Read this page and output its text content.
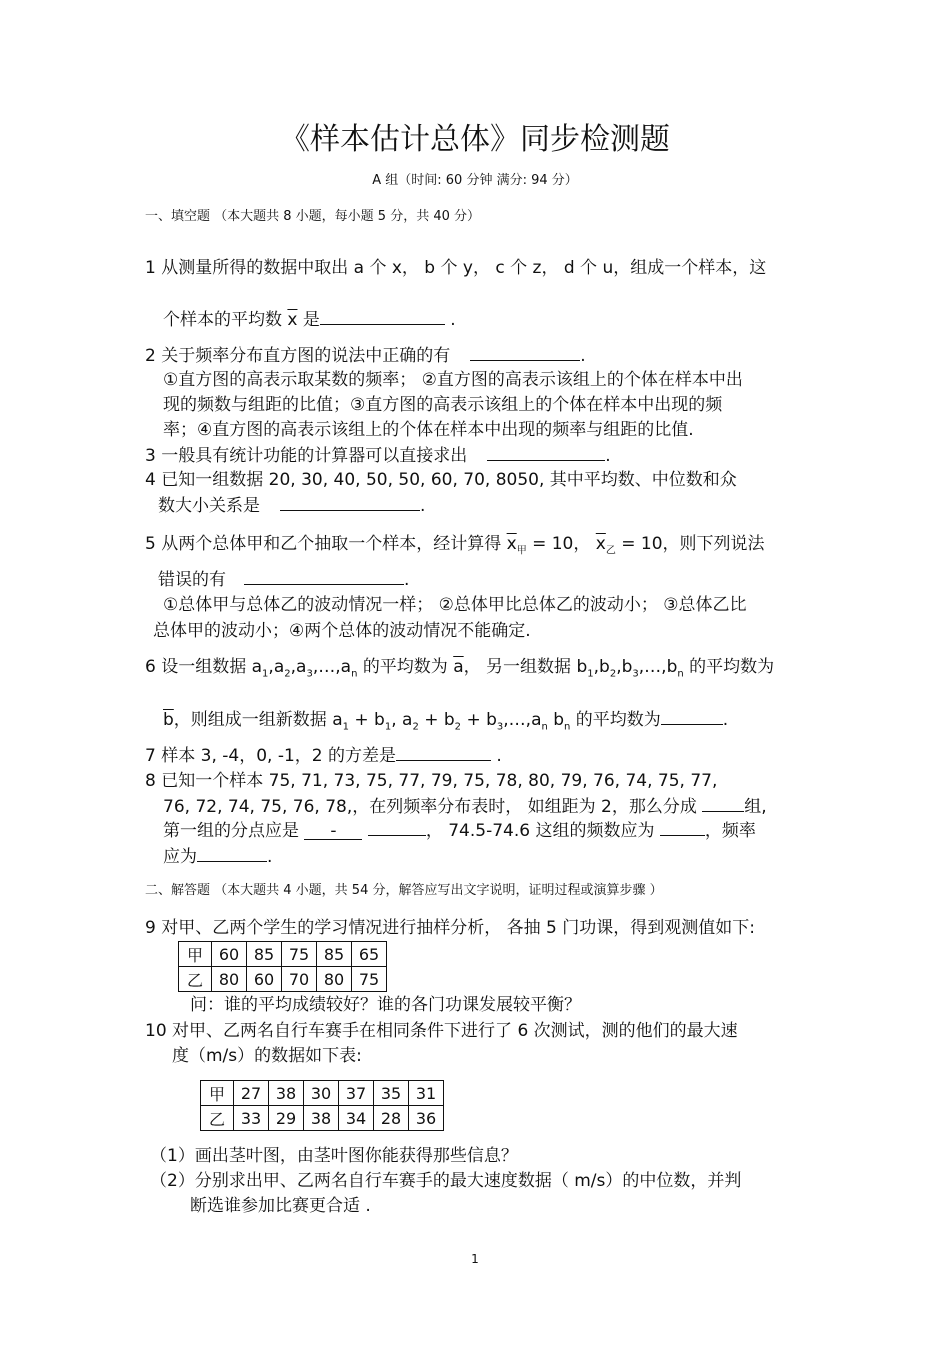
《样本估计总体》同步检测题
A 组（时间: 60 分钟 满分: 94 分）
一、填空题 （本大题共 8 小题，每小题 5 分，共 40 分）
1 从测量所得的数据中取出 a 个 x， b 个 y， c 个 z， d 个 u，组成一个样本，这
个样本的平均数 $\overline{x}$ 是	.
2 关于频率分布直方图的说法中正确的有	.
①直方图的高表示取某数的频率； ②直方图的高表示该组上的个体在样本中出
现的频数与组距的比值；③直方图的高表示该组上的个体在样本中出现的频
率；④直方图的高表示该组上的个体在样本中出现的频率与组距的比值.
3 一般具有统计功能的计算器可以直接求出	.
4 已知一组数据 20, 30, 40, 50, 50, 60, 70, 8050, 其中平均数、中位数和众
数大小关系是	.
5 从两个总体甲和乙个抽取一个样本，经计算得 $\overline{x}_甲 = 10$， $\overline{x}_乙 = 10$，则下列说法
错误的有	.
①总体甲与总体乙的波动情况一样； ②总体甲比总体乙的波动小； ③总体乙比
总体甲的波动小；④两个总体的波动情况不能确定.
6 设一组数据 $a_1,a_2,a_3,\dots,a_n$ 的平均数为 $\overline{a}$， 另一组数据 $b_1,b_2,b_3,\dots,b_n$ 的平均数为
$\overline{b}$，则组成一组新数据 $a_1 + b_1$, $a_2 + b_2$ + $b_3,\dots,a_n$ $b_n$ 的平均数为	.
7 样本 3, -4，0, -1，2 的方差是	.
8 已知一个样本 75, 71, 73, 75, 77, 79, 75, 78, 80, 79, 76, 74, 75, 77,
76, 72, 74, 75, 76, 78,，在列频率分布表时， 如组距为 2，那么分成	组,
第一组的分点应是 -	， 74.5-74.6 这组的频数应为	，频率
应为	.
二、解答题 （本大题共 4 小题，共 54 分，解答应写出文字说明，证明过程或演算步骤 ）
9 对甲、乙两个学生的学习情况进行抽样分析， 各抽 5 门功课，得到观测值如下:
甲	60	85	75	85	65
乙	80	60	70	80	75
问：谁的平均成绩较好？谁的各门功课发展较平衡？
10 对甲、乙两名自行车赛手在相同条件下进行了 6 次测试，测的他们的最大速
度（m/s）的数据如下表:
甲	27	38	30	37	35	31
乙	33	29	38	34	28	36
（1）画出茎叶图，由茎叶图你能获得那些信息？
（2）分别求出甲、乙两名自行车赛手的最大速度数据（ m/s）的中位数，并判
断选谁参加比赛更合适 .
1
